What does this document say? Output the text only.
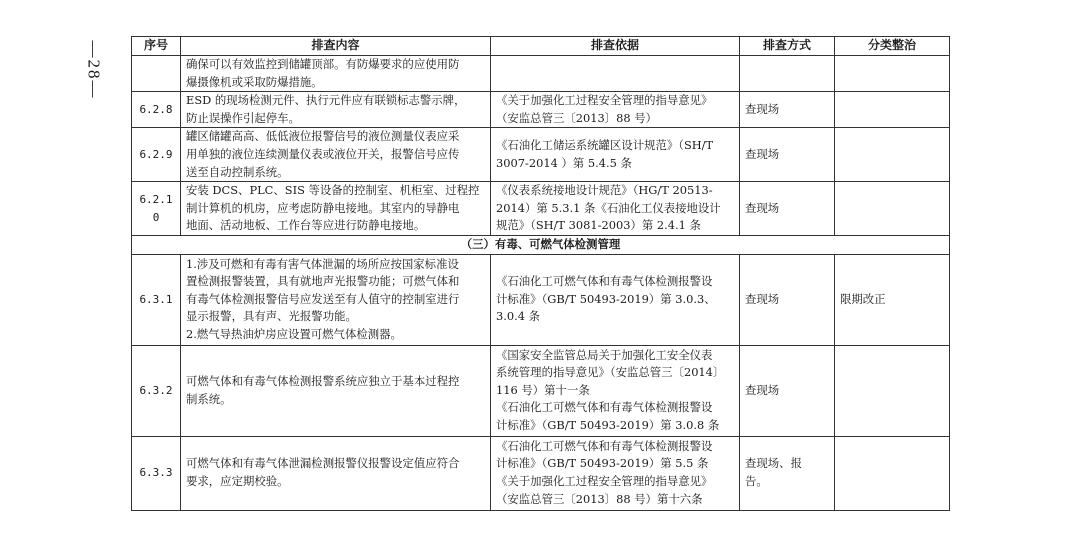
—28—	序号	排查内容	排查依据	排查方式	分类整治

	确保可以有效监控到储罐顶部。有防爆要求的应使用防
爆摄像机或采取防爆措施。			

6.2.8	ESD 的现场检测元件、执行元件应有联锁标志警示牌，
防止误操作引起停车。	《关于加强化工过程安全管理的指导意见》
（安监总管三〔2013〕88 号）	查现场	
6.2.9	罐区储罐高高、低低液位报警信号的液位测量仪表应采
用单独的液位连续测量仪表或液位开关，报警信号应传
送至自动控制系统。	《石油化工储运系统罐区设计规范》（SH/T
3007-2014 ）第 5.4.5 条	查现场	
6.2.10	安装 DCS、PLC、SIS 等设备的控制室、机柜室、过程控
制计算机的机房，应考虑防静电接地。其室内的导静电
地面、活动地板、工作台等应进行防静电接地。	《仪表系统接地设计规范》（HG/T 20513-
2014）第 5.3.1 条《石油化工仪表接地设计
规范》（SH/T 3081-2003）第 2.4.1 条	查现场	
（三）有毒、可燃气体检测管理				
6.3.1	1.涉及可燃和有毒有害气体泄漏的场所应按国家标准设
置检测报警装置，具有就地声光报警功能；可燃气体和
有毒气体检测报警信号应发送至有人值守的控制室进行
显示报警，具有声、光报警功能。
2.燃气导热油炉房应设置可燃气体检测器。	《石油化工可燃气体和有毒气体检测报警设
计标准》（GB/T 50493-2019）第 3.0.3、
3.0.4 条	查现场	限期改正
6.3.2	可燃气体和有毒气体检测报警系统应独立于基本过程控
制系统。	《国家安全监管总局关于加强化工安全仪表
系统管理的指导意见》（安监总管三〔2014〕
116 号）第十一条
《石油化工可燃气体和有毒气体检测报警设
计标准》（GB/T 50493-2019）第 3.0.8 条	查现场	
6.3.3	可燃气体和有毒气体泄漏检测报警仪报警设定值应符合
要求，应定期校验。	《石油化工可燃气体和有毒气体检测报警设
计标准》（GB/T 50493-2019）第 5.5 条
《关于加强化工过程安全管理的指导意见》
（安监总管三〔2013〕88 号）第十六条	查现场、报
告。	
